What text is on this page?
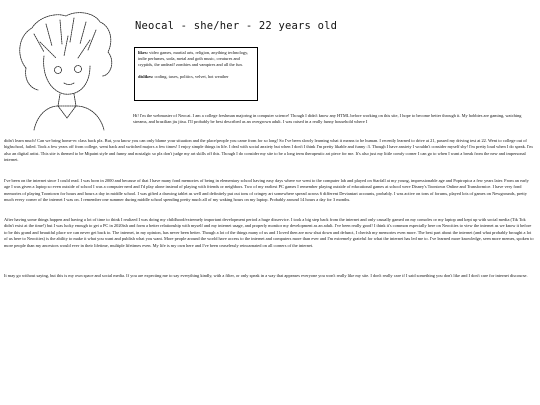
Neocal - she/her - 22 years old

likes: video games, martial arts, religion, anything technology, indie perfumes, soda, metal and goth music, creatures and cryptids, the undead! zombies and vampires and all the fun.

dislikes: coding, taxes, politics, velvet, hot weather

Hi! I'm the webmaster of Neocai. I am a college freshman majoring in computer science! Though I didn't know any HTML before working on this site, I hope to become better through it. My hobbies are gaming, watching streams, and brazilian jiu jitsu. I'll probably be best described as an overgrown adult. I was raised in a really funny household where I

didn't learn much! Can we bring home-ec class back plz. But, you know you can only blame your situation and the place/people you came from for so long! So I've been slowly learning what it means to be human. I recently learned to drive at 21, passed my driving test at 22. Went to college out of highschool, failed. Took a few years off from college, went back and switched majors a few times! I enjoy simple things in life. I deal with social anxiety but when I don't I think I'm pretty likable and funny :3. Though I have anxiety I wouldn't consider myself shy! I'm pretty loud when I do speak. I'm also an digital artist. This site is themed to be Mtpaint style and funny and nostalgic so plz don't judge my art skills off this. Though I do consider my site to be a long term therapeutic art piece for me. It's also just my little comfy corner I can go to when I want a break from the new and impersonal internet.

I've been on the internet since I could read. I was born in 2000 and because of that I have many fond memories of being in elementary school having easy days where we went to the computer lab and played on Starfall at my young, impressionable age and Poptropica a few years later. From an early age I was given a laptop so even outside of school I was a computer nerd and I'd play alone instead of playing with friends or neighbors. Two of my earliest PC games I remember playing outside of educational games at school were Disney's Toontown Online and Transformice. I have very fond memories of playing Toontown for hours and hours a day in middle school. I was gifted a drawing tablet as well and definitely put out tons of cringey art somewhere spread across 6 different Deviantart accounts, probably. I was active on tons of forums, played lots of games on Newgrounds, pretty much every corner of the internet I was on. I remember one summer during middle school spending pretty much all of my waking hours on my laptop. Probably around 14 hours a day for 3 months.

After having some things happen and having a lot of time to think I realized I was doing my childhood/extremely important development period a huge disservice. I took a big step back from the internet and only casually gamed on my consoles or my laptop and kept up with social media (Tik Tok didn't exist at the time!) but I was lucky enough to get a PC in 2020ish and form a better relationship with myself and my internet usage, and properly monitor my development as an adult. I've been really good! I think it's common especially here on Neocities to view the internet as we know it before to be this grand and beautiful place we can never get back to. The internet, in my opinion, has never been better. Though a lot of the things many of us and I loved then are now shut down and defunct, I cherish my memories even more. The best part about the internet (and what probably brought a lot of us here to Neocities) is the ability to make it what you want and publish what you want. More people around the world have access to the internet and computers more than ever and I'm extremely grateful for what the internet has led me to. I've learned more knowledge, seen more memes, spoken to more people than my ancestors would ever in their lifetime, multiple lifetimes even. My life is my own here and I've been ceaselessly reincarnated on all corners of the internet.

It may go without saying, but this is my own space and social media. If you are expecting me to say everything kindly, with a filter, or only speak in a way that appeases everyone you won't really like my site. I don't really care if I said something you don't like and I don't care for internet discourse.
